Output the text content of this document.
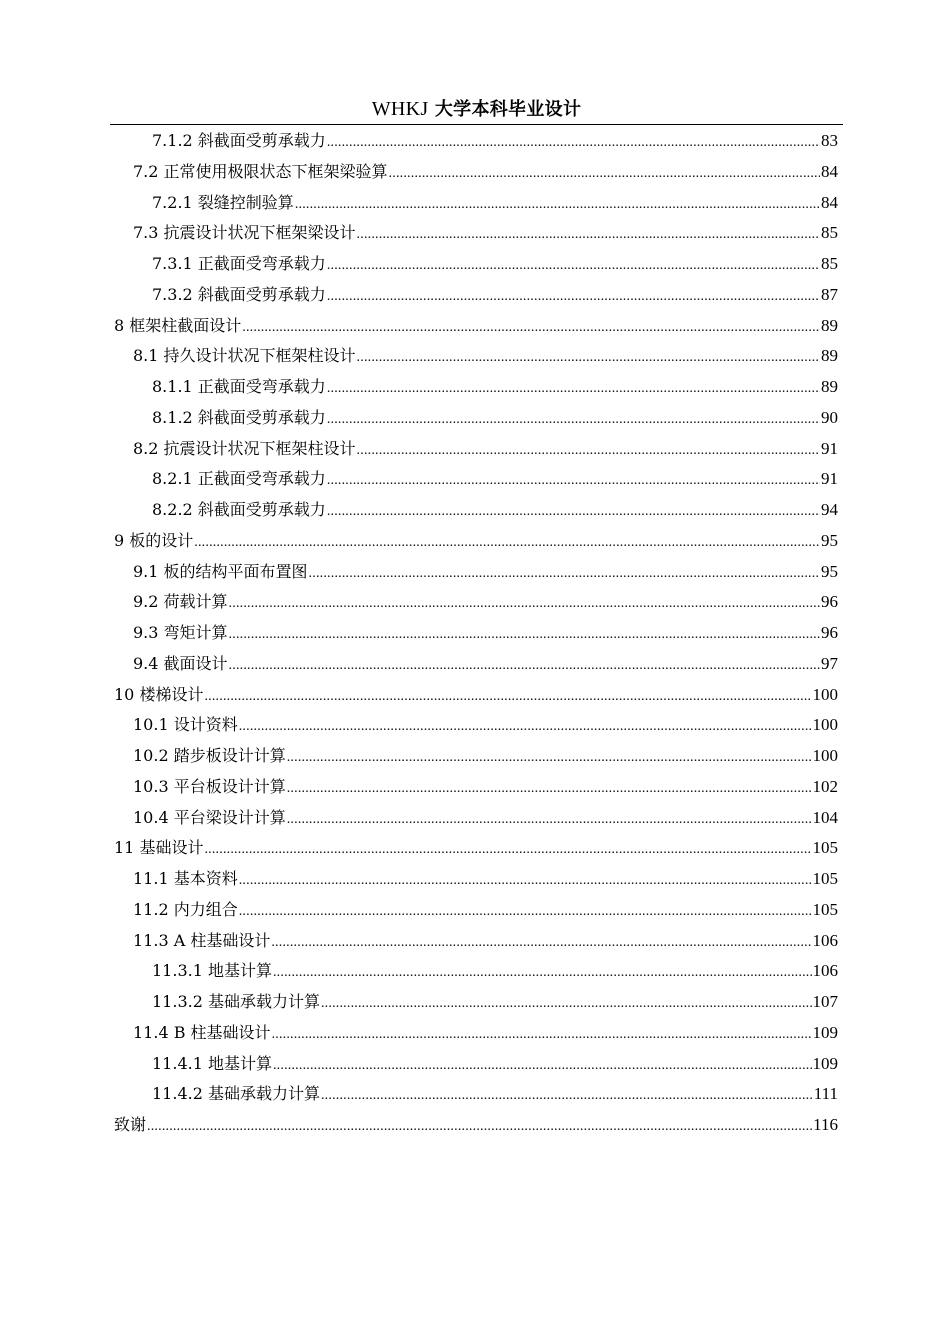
WHKJ 大学本科毕业设计
7.1.2 斜截面受剪承载力 .....	83
7.2 正常使用极限状态下框架梁验算 .....	84
7.2.1 裂缝控制验算 .....	84
7.3 抗震设计状况下框架梁设计 .....	85
7.3.1 正截面受弯承载力 .....	85
7.3.2 斜截面受剪承载力 .....	87
8 框架柱截面设计 .....	89
8.1 持久设计状况下框架柱设计 .....	89
8.1.1 正截面受弯承载力 .....	89
8.1.2 斜截面受剪承载力 .....	90
8.2 抗震设计状况下框架柱设计 .....	91
8.2.1 正截面受弯承载力 .....	91
8.2.2 斜截面受剪承载力 .....	94
9 板的设计 .....	95
9.1 板的结构平面布置图 .....	95
9.2 荷载计算 .....	96
9.3 弯矩计算 .....	96
9.4 截面设计 .....	97
10 楼梯设计 .....	100
10.1 设计资料 .....	100
10.2 踏步板设计计算 .....	100
10.3 平台板设计计算 .....	102
10.4 平台梁设计计算 .....	104
11 基础设计 .....	105
11.1 基本资料 .....	105
11.2 内力组合 .....	105
11.3 A 柱基础设计 .....	106
11.3.1 地基计算 .....	106
11.3.2 基础承载力计算 .....	107
11.4 B 柱基础设计 .....	109
11.4.1 地基计算 .....	109
11.4.2 基础承载力计算 .....	111
致谢 .....	116
